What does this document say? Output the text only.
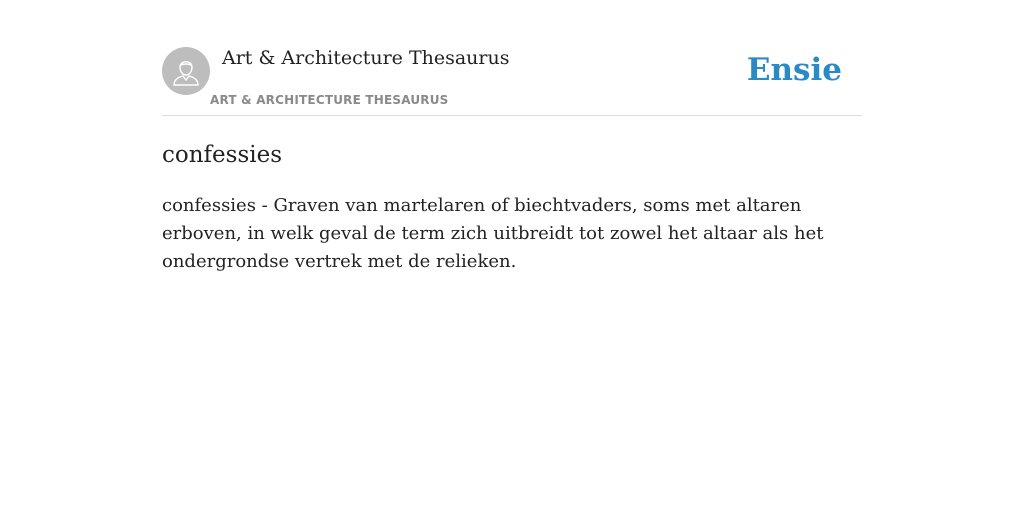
Art & Architecture Thesaurus
ART & ARCHITECTURE THESAURUS
Ensie
confessies

confessies - Graven van martelaren of biechtvaders, soms met altaren erboven, in welk geval de term zich uitbreidt tot zowel het altaar als het ondergrondse vertrek met de relieken.
